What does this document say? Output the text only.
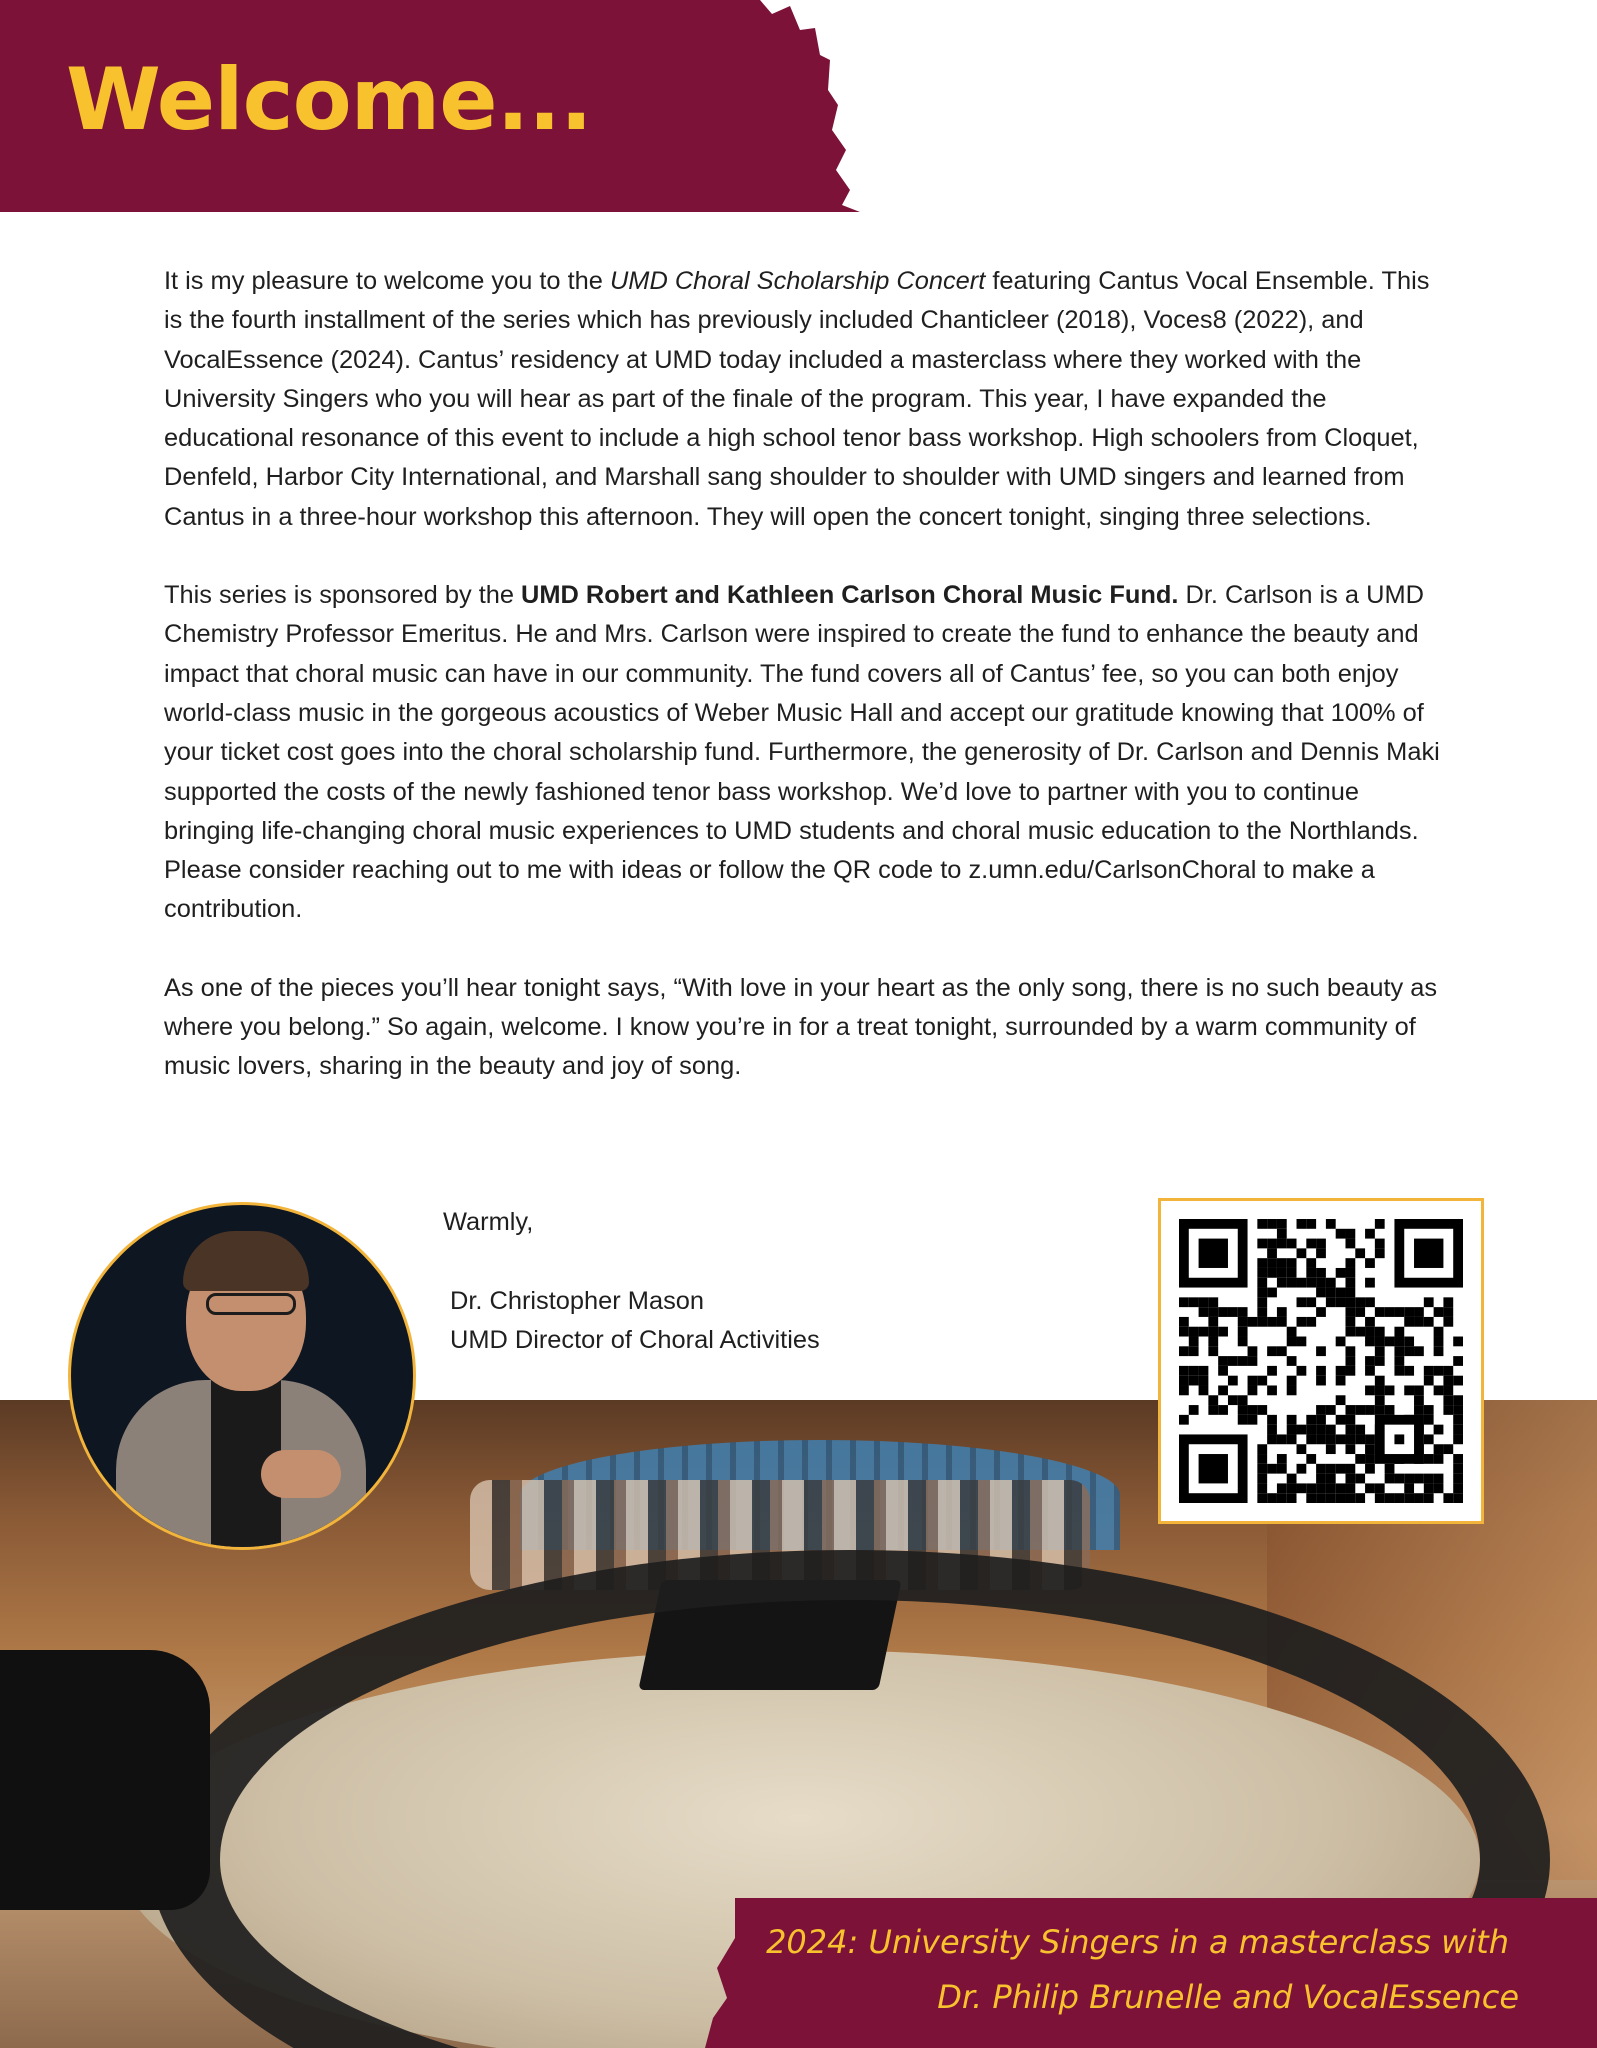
Welcome...

It is my pleasure to welcome you to the UMD Choral Scholarship Concert featuring Cantus Vocal Ensemble. This is the fourth installment of the series which has previously included Chanticleer (2018), Voces8 (2022), and VocalEssence (2024). Cantus’ residency at UMD today included a masterclass where they worked with the University Singers who you will hear as part of the finale of the program. This year, I have expanded the educational resonance of this event to include a high school tenor bass workshop. High schoolers from Cloquet, Denfeld, Harbor City International, and Marshall sang shoulder to shoulder with UMD singers and learned from Cantus in a three-hour workshop this afternoon. They will open the concert tonight, singing three selections.

This series is sponsored by the UMD Robert and Kathleen Carlson Choral Music Fund. Dr. Carlson is a UMD Chemistry Professor Emeritus. He and Mrs. Carlson were inspired to create the fund to enhance the beauty and impact that choral music can have in our community. The fund covers all of Cantus’ fee, so you can both enjoy world-class music in the gorgeous acoustics of Weber Music Hall and accept our gratitude knowing that 100% of your ticket cost goes into the choral scholarship fund. Furthermore, the generosity of Dr. Carlson and Dennis Maki supported the costs of the newly fashioned tenor bass workshop. We’d love to partner with you to continue bringing life-changing choral music experiences to UMD students and choral music education to the Northlands. Please consider reaching out to me with ideas or follow the QR code to z.umn.edu/CarlsonChoral to make a contribution.

As one of the pieces you’ll hear tonight says, “With love in your heart as the only song, there is no such beauty as where you belong.” So again, welcome. I know you’re in for a treat tonight, surrounded by a warm community of music lovers, sharing in the beauty and joy of song.

Warmly,
Dr. Christopher Mason
UMD Director of Choral Activities

2024: University Singers in a masterclass with

Dr. Philip Brunelle and VocalEssence
